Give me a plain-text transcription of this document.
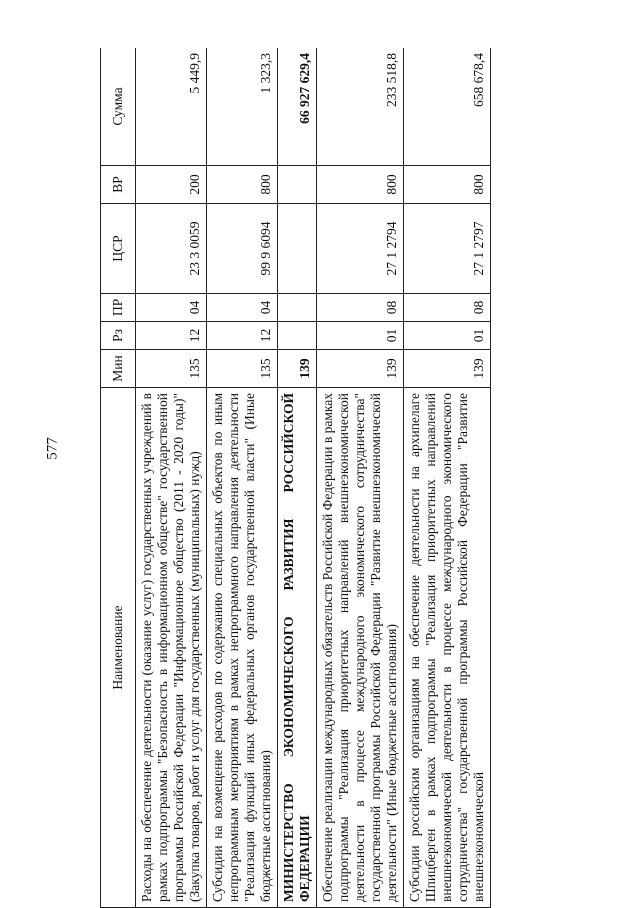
577
Наименование	Мин	Рз	ПР	ЦСР	ВР	Сумма
Расходы на обеспечение деятельности (оказание услуг) государственных учреждений в рамках подпрограммы "Безопасность в информационном обществе" государственной программы Российской Федерации "Информационное общество (2011 - 2020 годы)" (Закупка товаров, работ и услуг для государственных (муниципальных) нужд)	135	12	04	23 3 0059	200	5 449,9
Субсидии на возмещение расходов по содержанию специальных объектов по иным непрограммным мероприятиям в рамках непрограммного направления деятельности "Реализация функций иных федеральных органов государственной власти" (Иные бюджетные ассигнования)	135	12	04	99 9 6094	800	1 323,3
МИНИСТЕРСТВО ЭКОНОМИЧЕСКОГО РАЗВИТИЯ РОССИЙСКОЙ ФЕДЕРАЦИИ	139					66 927 629,4
Обеспечение реализации международных обязательств Российской Федерации в рамках подпрограммы "Реализация приоритетных направлений внешнеэкономической деятельности в процессе международного экономического сотрудничества" государственной программы Российской Федерации "Развитие внешнеэкономической деятельности" (Иные бюджетные ассигнования)	139	01	08	27 1 2794	800	233 518,8
Субсидии российским организациям на обеспечение деятельности на архипелаге Шпицберген в рамках подпрограммы "Реализация приоритетных направлений внешнеэкономической деятельности в процессе международного экономического сотрудничества" государственной программы Российской Федерации "Развитие внешнеэкономической	139	01	08	27 1 2797	800	658 678,4
